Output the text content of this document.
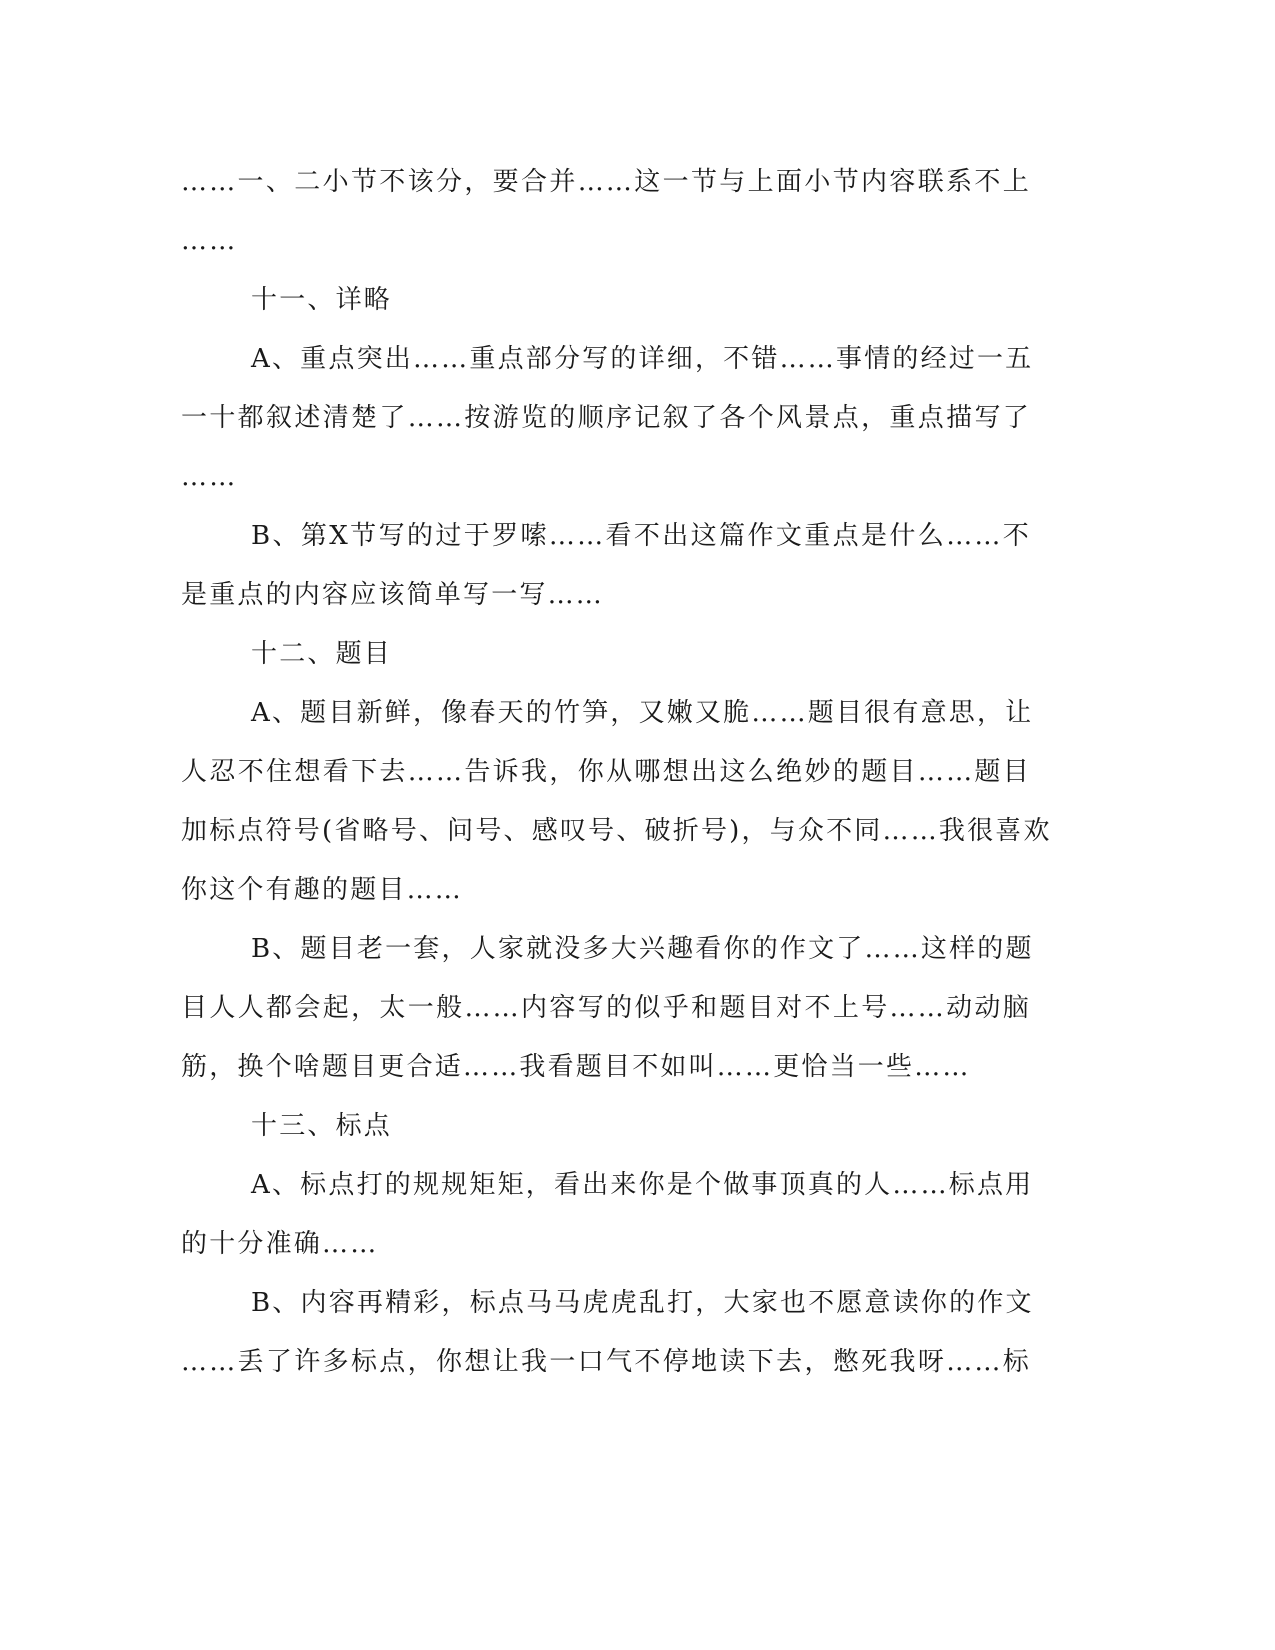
……一、二小节不该分，要合并……这一节与上面小节内容联系不上
……
十一、详略
A、重点突出……重点部分写的详细，不错……事情的经过一五
一十都叙述清楚了……按游览的顺序记叙了各个风景点，重点描写了
……
B、第X节写的过于罗嗦……看不出这篇作文重点是什么……不
是重点的内容应该简单写一写……
十二、题目
A、题目新鲜，像春天的竹笋，又嫩又脆……题目很有意思，让
人忍不住想看下去……告诉我，你从哪想出这么绝妙的题目……题目
加标点符号(省略号、问号、感叹号、破折号)，与众不同……我很喜欢
你这个有趣的题目……
B、题目老一套，人家就没多大兴趣看你的作文了……这样的题
目人人都会起，太一般……内容写的似乎和题目对不上号……动动脑
筋，换个啥题目更合适……我看题目不如叫……更恰当一些……
十三、标点
A、标点打的规规矩矩，看出来你是个做事顶真的人……标点用
的十分准确……
B、内容再精彩，标点马马虎虎乱打，大家也不愿意读你的作文
……丢了许多标点，你想让我一口气不停地读下去，憋死我呀……标
